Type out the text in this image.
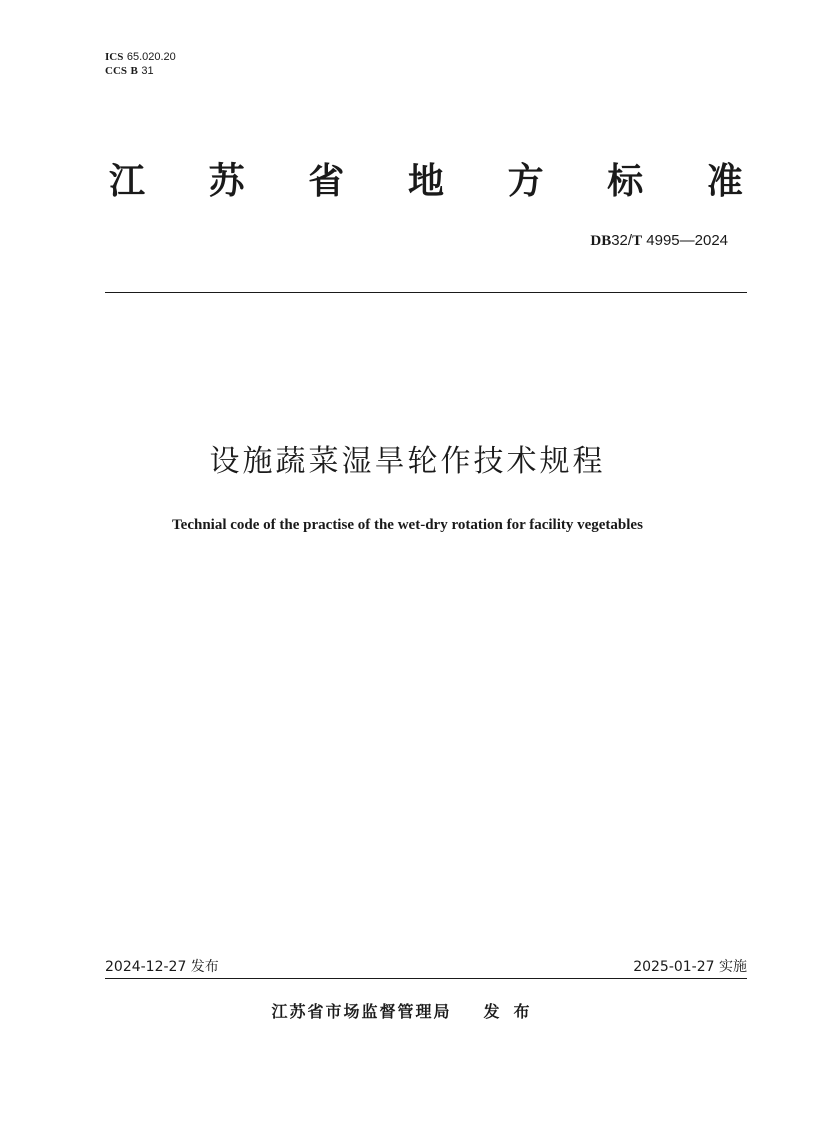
ICS 65.020.20
CCS B 31
江 苏 省 地 方 标 准
DB32/T 4995—2024
设施蔬菜湿旱轮作技术规程
Technial code of the practise of the wet-dry rotation for facility vegetables
2024-12-27 发布	2025-01-27 实施
江苏省市场监督管理局 发布
